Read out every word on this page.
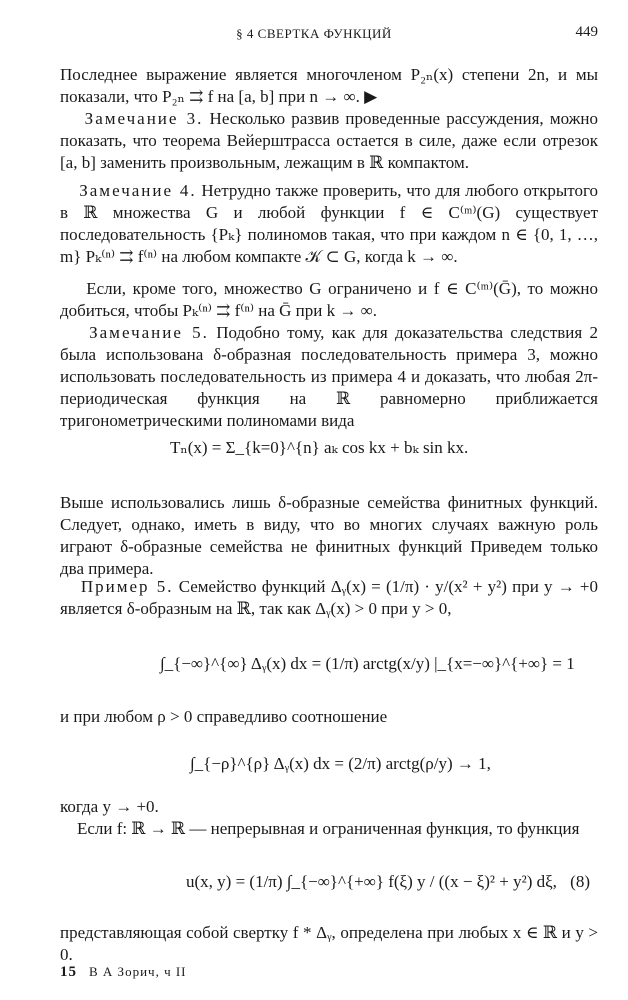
§ 4 СВЕРТКА ФУНКЦИЙ	449

Последнее выражение является многочленом P₂ₙ(x) степени 2n, и мы показали, что P₂ₙ ⇉ f на [a, b] при n → ∞. ▶

Замечание 3. Несколько развив проведенные рассуждения, можно показать, что теорема Вейерштрасса остается в силе, даже если отрезок [a, b] заменить произвольным, лежащим в ℝ компактом.

Замечание 4. Нетрудно также проверить, что для любого открытого в ℝ множества G и любой функции f ∈ C⁽ᵐ⁾(G) существует последовательность {Pₖ} полиномов такая, что при каждом n ∈ {0, 1, …, m} Pₖ⁽ⁿ⁾ ⇉ f⁽ⁿ⁾ на любом компакте 𝒦 ⊂ G, когда k → ∞.

Если, кроме того, множество G ограничено и f ∈ C⁽ᵐ⁾(Ḡ), то можно добиться, чтобы Pₖ⁽ⁿ⁾ ⇉ f⁽ⁿ⁾ на Ḡ при k → ∞.

Замечание 5. Подобно тому, как для доказательства следствия 2 была использована δ-образная последовательность примера 3, можно использовать последовательность из примера 4 и доказать, что любая 2π-периодическая функция на ℝ равномерно приближается тригонометрическими полиномами вида

Tₙ(x) = Σ_{k=0}^{n} aₖ cos kx + bₖ sin kx.

Выше использовались лишь δ-образные семейства финитных функций. Следует, однако, иметь в виду, что во многих случаях важную роль играют δ-образные семейства не финитных функций Приведем только два примера.

Пример 5. Семейство функций Δᵧ(x) = (1/π) · y/(x² + y²) при y → +0 является δ-образным на ℝ, так как Δᵧ(x) > 0 при y > 0,

∫_{−∞}^{∞} Δᵧ(x) dx = (1/π) arctg(x/y) |_{x=−∞}^{+∞} = 1

и при любом ρ > 0 справедливо соотношение

∫_{−ρ}^{ρ} Δᵧ(x) dx = (2/π) arctg(ρ/y) → 1,

когда y → +0.

Если f: ℝ → ℝ — непрерывная и ограниченная функция, то функция

u(x, y) = (1/π) ∫_{−∞}^{+∞} f(ξ) y / ((x − ξ)² + y²) dξ, (8)

представляющая собой свертку f * Δᵧ, определена при любых x ∈ ℝ и y > 0.

15 В А Зорич, ч II
